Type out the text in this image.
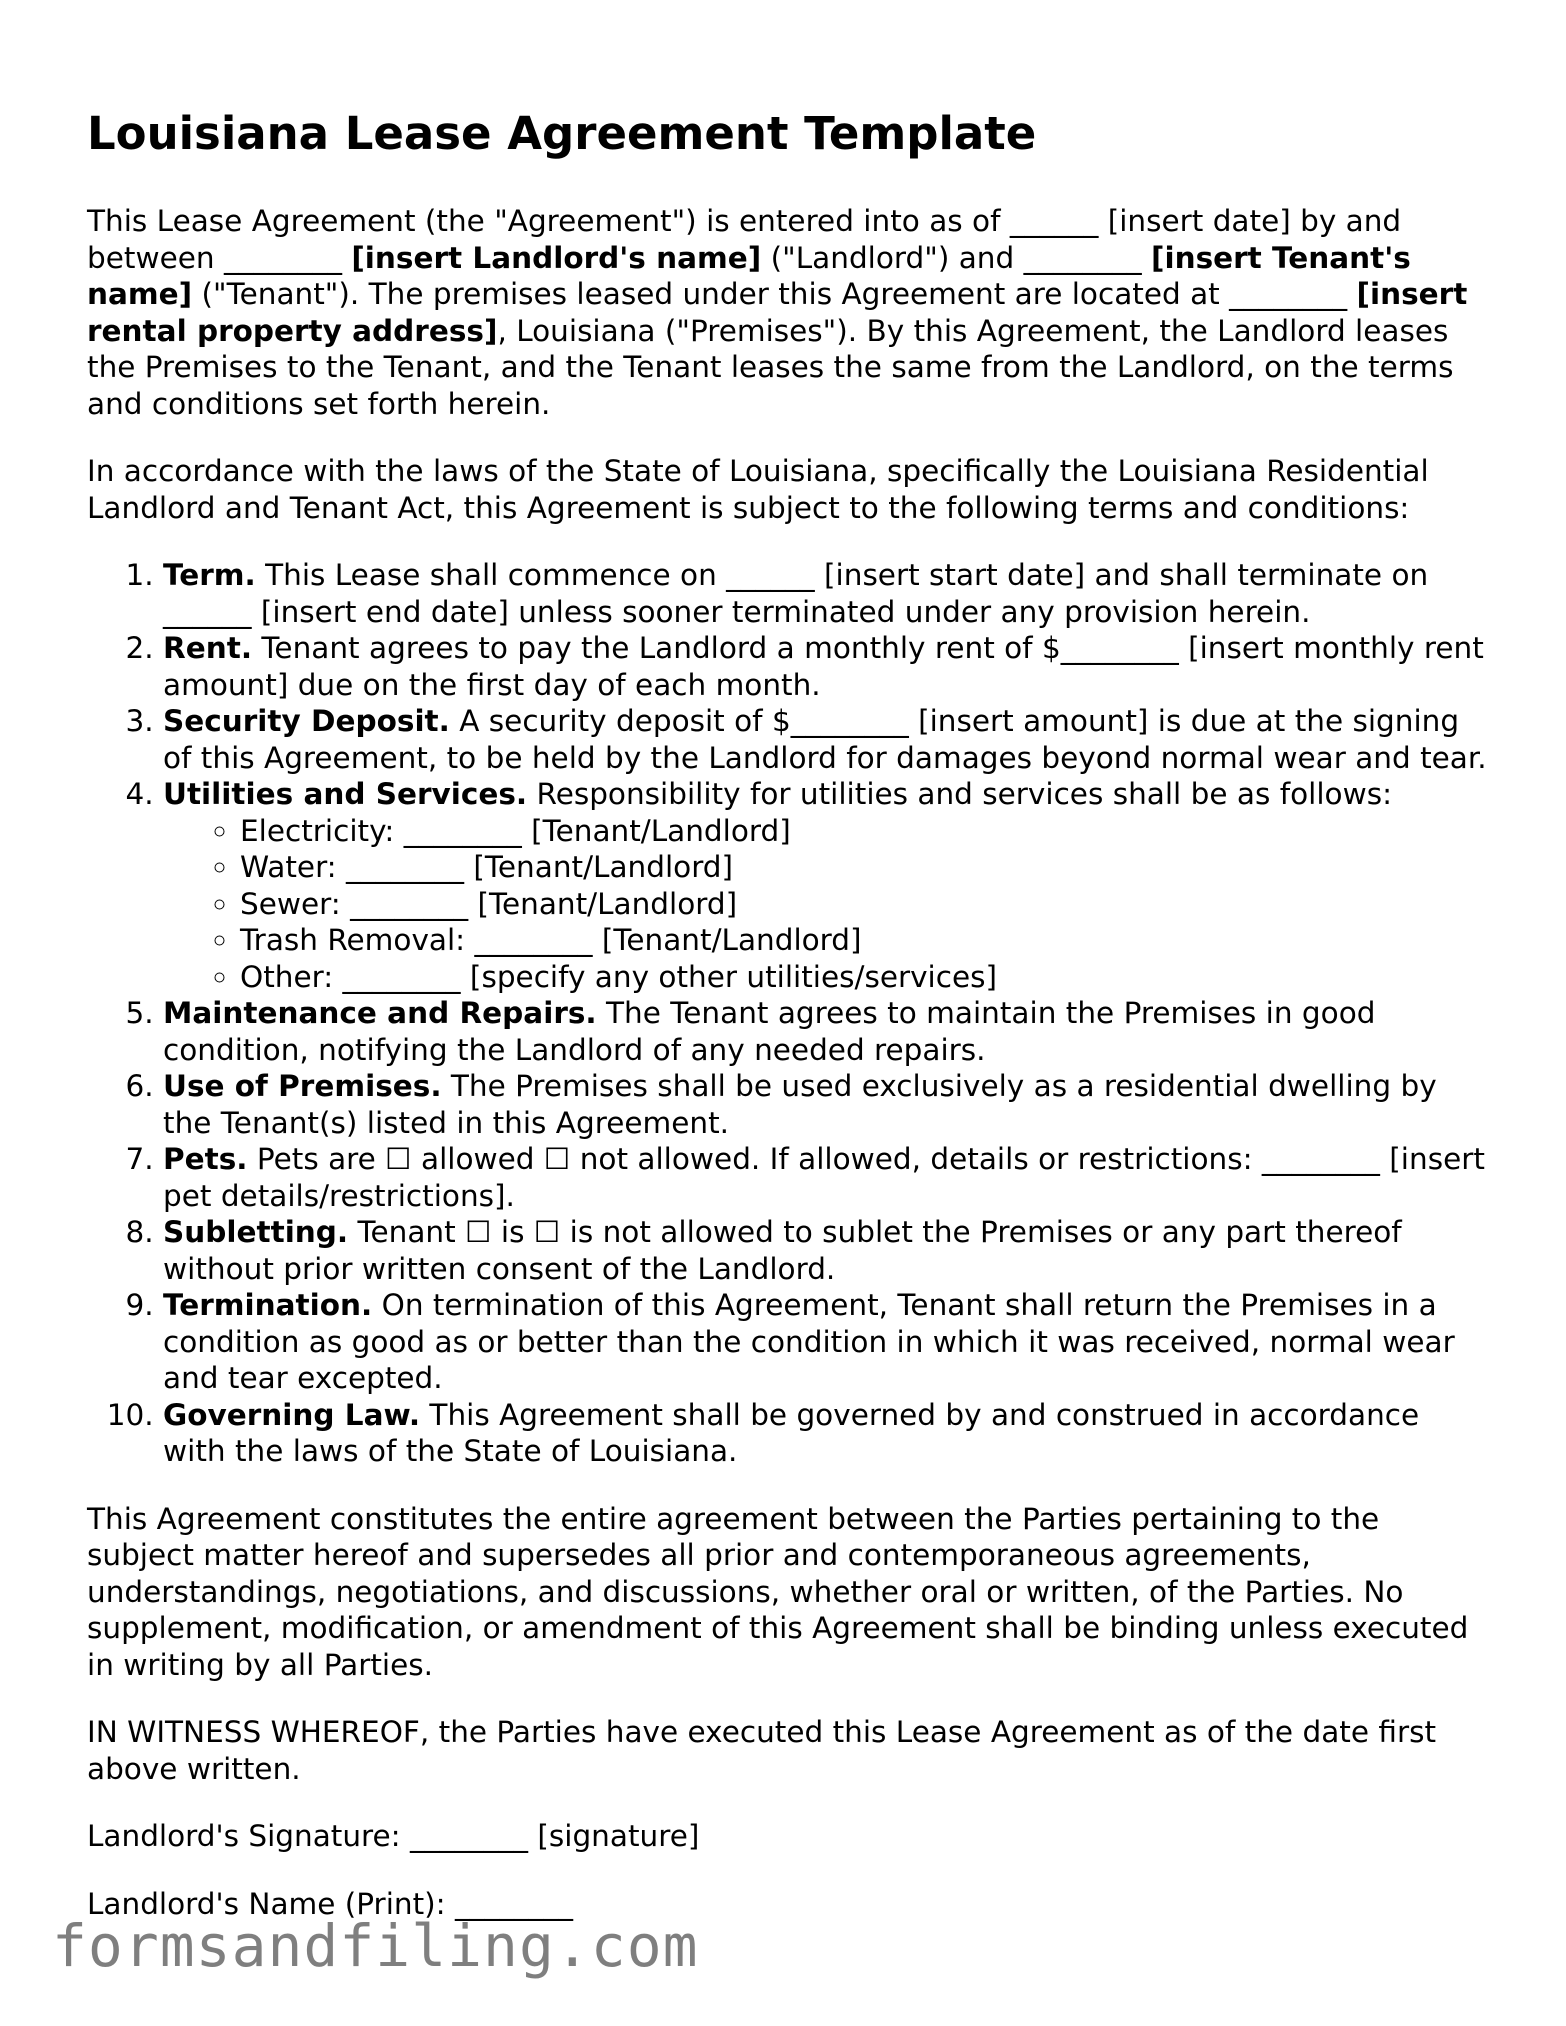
Louisiana Lease Agreement Template

This Lease Agreement (the "Agreement") is entered into as of ______ [insert date] by and between ________ [insert Landlord's name] ("Landlord") and ________ [insert Tenant's name] ("Tenant"). The premises leased under this Agreement are located at ________ [insert rental property address], Louisiana ("Premises"). By this Agreement, the Landlord leases the Premises to the Tenant, and the Tenant leases the same from the Landlord, on the terms and conditions set forth herein.

In accordance with the laws of the State of Louisiana, specifically the Louisiana Residential Landlord and Tenant Act, this Agreement is subject to the following terms and conditions:

1. Term. This Lease shall commence on ______ [insert start date] and shall terminate on ______ [insert end date] unless sooner terminated under any provision herein.
2. Rent. Tenant agrees to pay the Landlord a monthly rent of $________ [insert monthly rent amount] due on the first day of each month.
3. Security Deposit. A security deposit of $________ [insert amount] is due at the signing of this Agreement, to be held by the Landlord for damages beyond normal wear and tear.
4. Utilities and Services. Responsibility for utilities and services shall be as follows:
◦ Electricity: ________ [Tenant/Landlord]
◦ Water: ________ [Tenant/Landlord]
◦ Sewer: ________ [Tenant/Landlord]
◦ Trash Removal: ________ [Tenant/Landlord]
◦ Other: ________ [specify any other utilities/services]
5. Maintenance and Repairs. The Tenant agrees to maintain the Premises in good condition, notifying the Landlord of any needed repairs.
6. Use of Premises. The Premises shall be used exclusively as a residential dwelling by the Tenant(s) listed in this Agreement.
7. Pets. Pets are ☐ allowed ☐ not allowed. If allowed, details or restrictions: ________ [insert pet details/restrictions].
8. Subletting. Tenant ☐ is ☐ is not allowed to sublet the Premises or any part thereof without prior written consent of the Landlord.
9. Termination. On termination of this Agreement, Tenant shall return the Premises in a condition as good as or better than the condition in which it was received, normal wear and tear excepted.
10. Governing Law. This Agreement shall be governed by and construed in accordance with the laws of the State of Louisiana.

This Agreement constitutes the entire agreement between the Parties pertaining to the subject matter hereof and supersedes all prior and contemporaneous agreements, understandings, negotiations, and discussions, whether oral or written, of the Parties. No supplement, modification, or amendment of this Agreement shall be binding unless executed in writing by all Parties.

IN WITNESS WHEREOF, the Parties have executed this Lease Agreement as of the date first above written.

Landlord's Signature: ________ [signature]

Landlord's Name (Print): ________

formsandfiling.com
